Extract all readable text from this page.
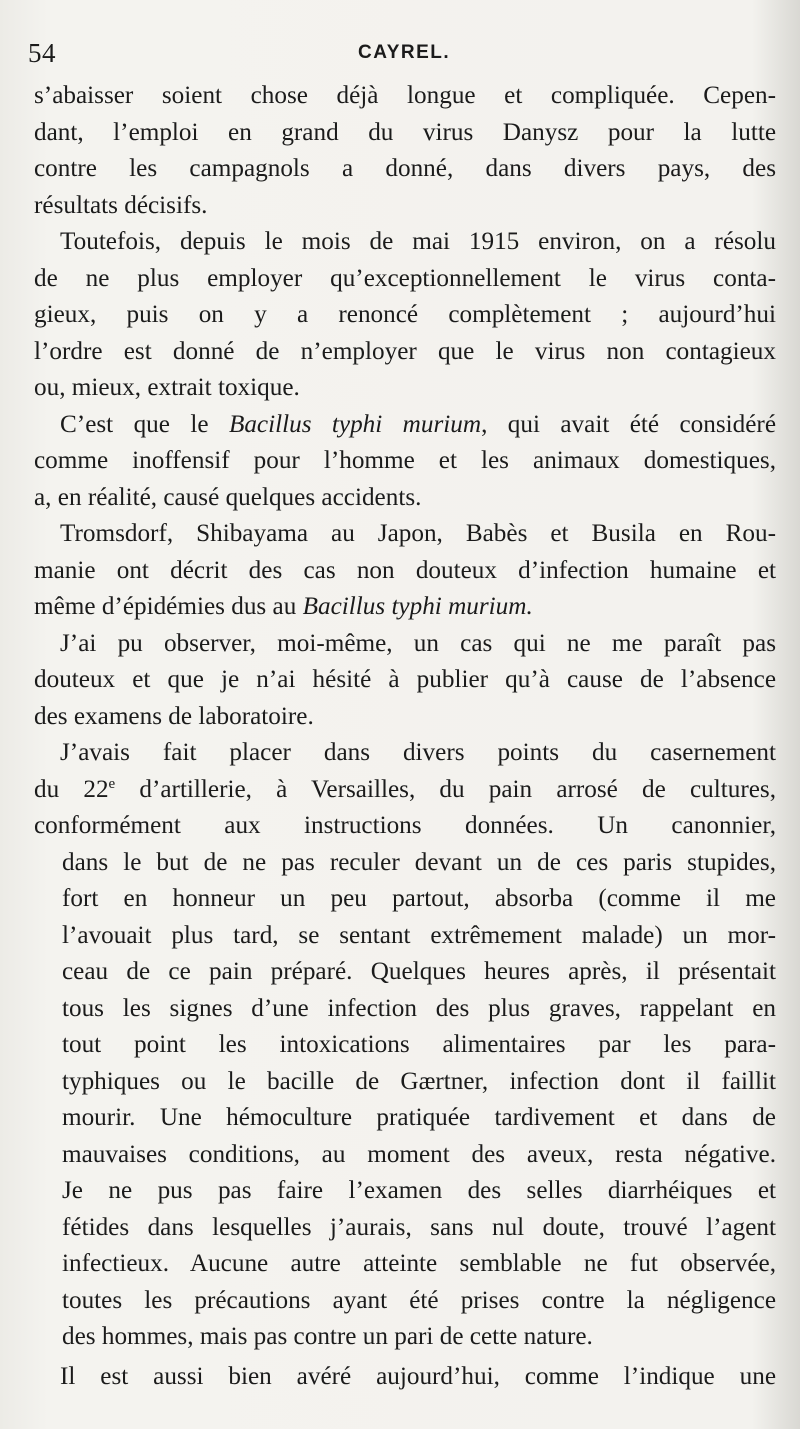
54	CAYREL.
s’abaisser soient chose déjà longue et compliquée. Cepen-
dant, l’emploi en grand du virus Danysz pour la lutte
contre les campagnols a donné, dans divers pays, des
résultats décisifs.
Toutefois, depuis le mois de mai 1915 environ, on a résolu
de ne plus employer qu’exceptionnellement le virus conta-
gieux, puis on y a renoncé complètement ; aujourd’hui
l’ordre est donné de n’employer que le virus non contagieux
ou, mieux, extrait toxique.
C’est que le Bacillus typhi murium, qui avait été considéré
comme inoffensif pour l’homme et les animaux domestiques,
a, en réalité, causé quelques accidents.
Tromsdorf, Shibayama au Japon, Babès et Busila en Rou-
manie ont décrit des cas non douteux d’infection humaine et
même d’épidémies dus au Bacillus typhi murium.
J’ai pu observer, moi-même, un cas qui ne me paraît pas
douteux et que je n’ai hésité à publier qu’à cause de l’absence
des examens de laboratoire.
J’avais fait placer dans divers points du casernement
du 22e d’artillerie, à Versailles, du pain arrosé de cultures,
conformément aux instructions données. Un canonnier,
dans le but de ne pas reculer devant un de ces paris stupides,
fort en honneur un peu partout, absorba (comme il me
l’avouait plus tard, se sentant extrêmement malade) un mor-
ceau de ce pain préparé. Quelques heures après, il présentait
tous les signes d’une infection des plus graves, rappelant en
tout point les intoxications alimentaires par les para-
typhiques ou le bacille de Gærtner, infection dont il faillit
mourir. Une hémoculture pratiquée tardivement et dans de
mauvaises conditions, au moment des aveux, resta négative.
Je ne pus pas faire l’examen des selles diarrhéiques et
fétides dans lesquelles j’aurais, sans nul doute, trouvé l’agent
infectieux. Aucune autre atteinte semblable ne fut observée,
toutes les précautions ayant été prises contre la négligence
des hommes, mais pas contre un pari de cette nature.
Il est aussi bien avéré aujourd’hui, comme l’indique une
